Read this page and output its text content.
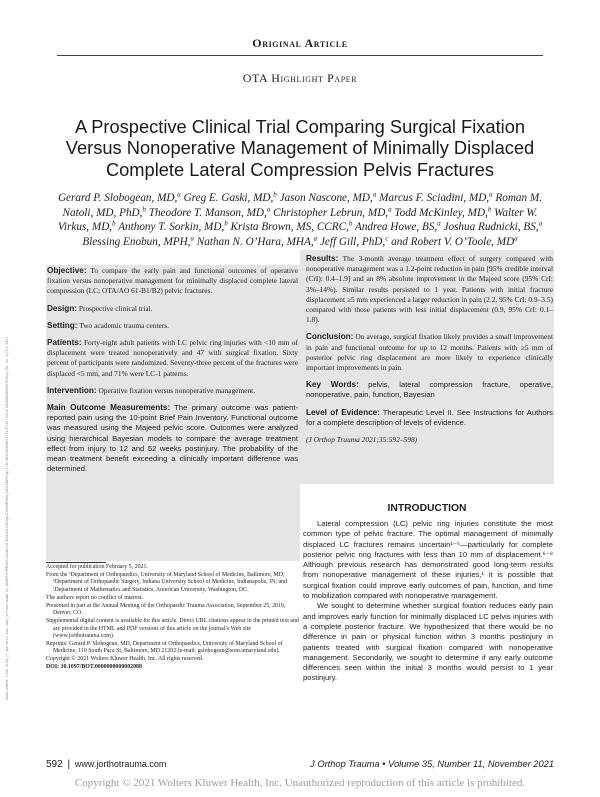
Downloaded from http://journals.lww.com/jorthotrauma by BhDMf5ePHKav1zEoum1tQfN4a+kJLhEZgbsIHo4XMi0hCywCX1AWnYQp/IlQrHD3i3D0OdRyi7TvSFl4Cf3VC4/OAVpDDa8KKGKV0Ymy+78= on 11/21/2021
Original Article
OTA Highlight Paper
A Prospective Clinical Trial Comparing Surgical Fixation Versus Nonoperative Management of Minimally Displaced Complete Lateral Compression Pelvis Fractures
Gerard P. Slobogean, MD,$^a$ Greg E. Gaski, MD,$^b$ Jason Nascone, MD,$^a$ Marcus F. Sciadini, MD,$^a$ Roman M. Natoli, MD, PhD,$^b$ Theodore T. Manson, MD,$^a$ Christopher Lebrun, MD,$^a$ Todd McKinley, MD,$^b$ Walter W. Virkus, MD,$^b$ Anthony T. Sorkin, MD,$^b$ Krista Brown, MS, CCRC,$^b$ Andrea Howe, BS,$^a$ Joshua Rudnicki, BS,$^a$ Blessing Enobun, MPH,$^a$ Nathan N. O’Hara, MHA,$^a$ Jeff Gill, PhD,$^c$ and Robert V. O’Toole, $MD^a$

Objective: To compare the early pain and functional outcomes of operative fixation versus nonoperative management for minimally displaced complete lateral compression (LC; OTA/AO 61-B1/B2) pelvic fractures.

Design: Prospective clinical trial.

Setting: Two academic trauma centers.

Patients: Forty-eight adult patients with LC pelvic ring injuries with <10 mm of displacement were treated nonoperatively and 47 with surgical fixation. Sixty percent of participants were randomized. Seventy-three percent of the fractures were displaced <5 mm, and 71% were LC-1 patterns.

Intervention: Operative fixation versus nonoperative management.

Main Outcome Measurements: The primary outcome was patient-reported pain using the 10-point Brief Pain Inventory. Functional outcome was measured using the Majeed pelvic score. Outcomes were analyzed using hierarchical Bayesian models to compare the average treatment effect from injury to 12 and 52 weeks postinjury. The probability of the mean treatment benefit exceeding a clinically important difference was determined.

Results: The 3-month average treatment effect of surgery compared with nonoperative management was a 1.2-point reduction in pain [95% credible interval (CrI): 0.4–1.9] and an 8% absolute improvement in the Majeed score (95% CrI: 3%–14%). Similar results persisted to 1 year. Patients with initial fracture displacement ≥5 mm experienced a larger reduction in pain (2.2, 95% CrI: 0.9–3.5) compared with those patients with less initial displacement (0.9, 95% CrI: 0.1–1.8).

Conclusion: On average, surgical fixation likely provides a small improvement in pain and functional outcome for up to 12 months. Patients with ≥5 mm of posterior pelvic ring displacement are more likely to experience clinically important improvements in pain.

Key Words: pelvis, lateral compression fracture, operative, nonoperative, pain, function, Bayesian

Level of Evidence: Therapeutic Level II. See Instructions for Authors for a complete description of levels of evidence.

(J Orthop Trauma 2021;35:592–598)

Accepted for publication February 5, 2021.
From the ᵃDepartment of Orthopaedics, University of Maryland School of Medicine, Baltimore, MD; ᵇDepartment of Orthopaedic Surgery, Indiana University School of Medicine, Indianapolis, IN; and ᶜDepartment of Mathematics and Statistics, American University, Washington, DC.
The authors report no conflict of interest.
Presented in part at the Annual Meeting of the Orthopaedic Trauma Association, September 25, 2019, Denver, CO.
Supplemental digital content is available for this article. Direct URL citations appear in the printed text and are provided in the HTML and PDF versions of this article on the journal’s Web site (www.jorthotrauma.com).
Reprints: Gerard P. Slobogean, MD, Department of Orthopaedics, University of Maryland School of Medicine, 110 South Paca St, Baltimore, MD 21202 (e-mail: gslobogean@som.umaryland.edu).
Copyright © 2021 Wolters Kluwer Health, Inc. All rights reserved.
DOI: 10.1097/BOT.0000000000002088
INTRODUCTION

Lateral compression (LC) pelvic ring injuries constitute the most common type of pelvic fracture. The optimal management of minimally displaced LC fractures remains uncertain¹⁻⁵—particularly for complete posterior pelvic ring fractures with less than 10 mm of displacement.⁶⁻⁸ Although previous research has demonstrated good long-term results from nonoperative management of these injuries,¹ it is possible that surgical fixation could improve early outcomes of pain, function, and time to mobilization compared with nonoperative management.

We sought to determine whether surgical fixation reduces early pain and improves early function for minimally displaced LC pelvis injuries with a complete posterior fracture. We hypothesized that there would be no difference in pain or physical function within 3 months postinjury in patients treated with surgical fixation compared with nonoperative management. Secondarily, we sought to determine if any early outcome differences seen within the initial 3 months would persist to 1 year postinjury.

592 | www.jorthotrauma.com	J Orthop Trauma • Volume 35, Number 11, November 2021
Copyright © 2021 Wolters Kluwer Health, Inc. Unauthorized reproduction of this article is prohibited.
